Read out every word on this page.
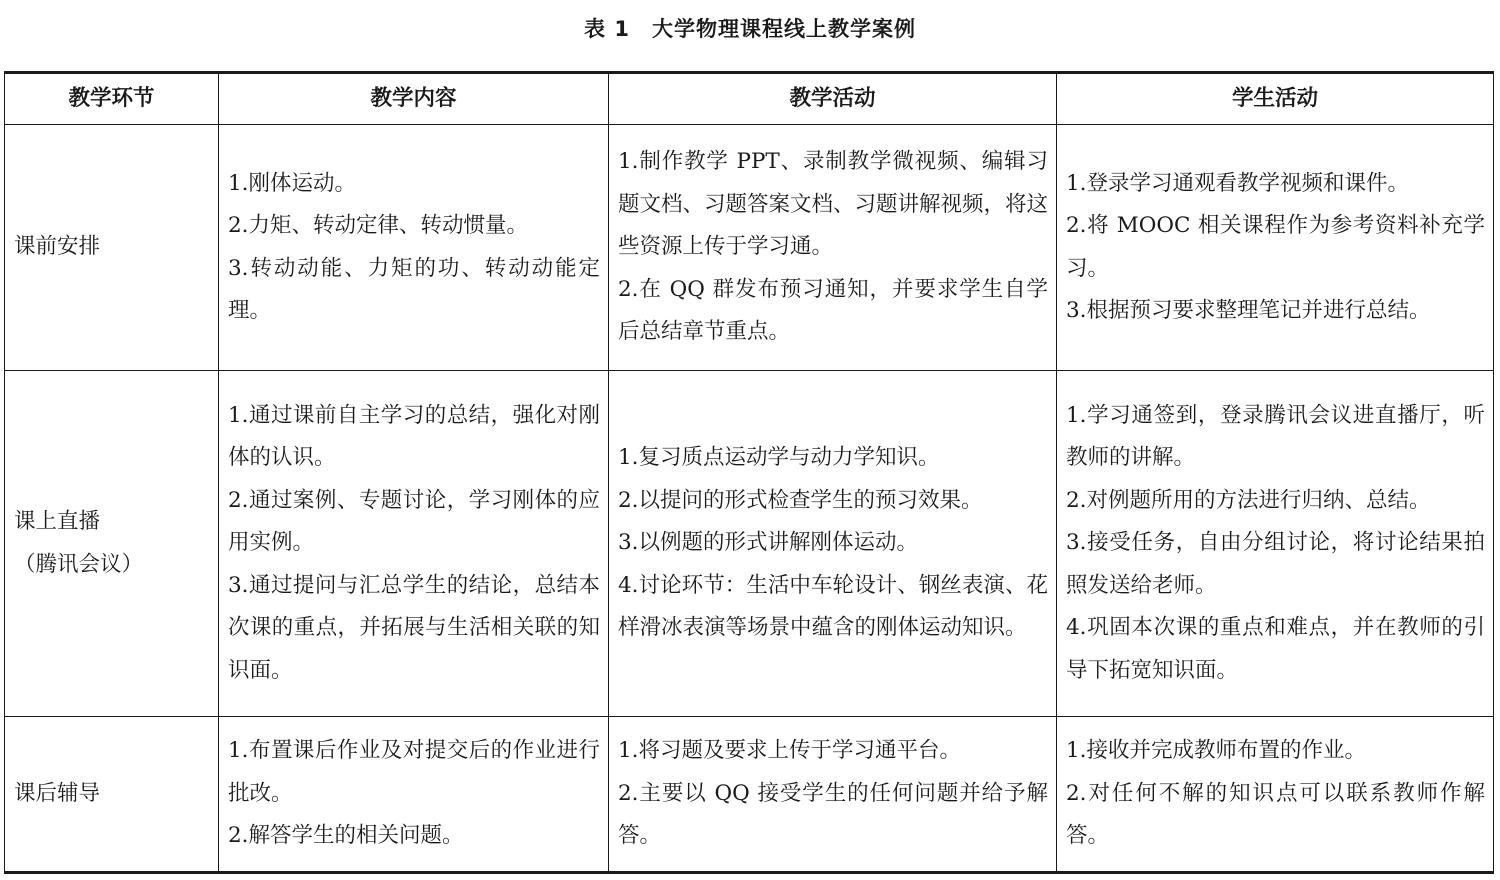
表 1 大学物理课程线上教学案例
教学环节	教学内容	教学活动	学生活动

课前安排	1.刚体运动。
2.力矩、转动定律、转动惯量。
3.转动动能、力矩的功、转动动能定理。	1.制作教学 PPT、录制教学微视频、编辑习题文档、习题答案文档、习题讲解视频，将这些资源上传于学习通。
2.在 QQ 群发布预习通知，并要求学生自学后总结章节重点。	1.登录学习通观看教学视频和课件。
2.将 MOOC 相关课程作为参考资料补充学习。
3.根据预习要求整理笔记并进行总结。

课上直播
（腾讯会议）	1.通过课前自主学习的总结，强化对刚体的认识。
2.通过案例、专题讨论，学习刚体的应用实例。
3.通过提问与汇总学生的结论，总结本次课的重点，并拓展与生活相关联的知识面。	1.复习质点运动学与动力学知识。
2.以提问的形式检查学生的预习效果。
3.以例题的形式讲解刚体运动。
4.讨论环节：生活中车轮设计、钢丝表演、花样滑冰表演等场景中蕴含的刚体运动知识。	1.学习通签到，登录腾讯会议进直播厅，听教师的讲解。
2.对例题所用的方法进行归纳、总结。
3.接受任务，自由分组讨论，将讨论结果拍照发送给老师。
4.巩固本次课的重点和难点，并在教师的引导下拓宽知识面。

课后辅导	1.布置课后作业及对提交后的作业进行批改。
2.解答学生的相关问题。	1.将习题及要求上传于学习通平台。
2.主要以 QQ 接受学生的任何问题并给予解答。	1.接收并完成教师布置的作业。
2.对任何不解的知识点可以联系教师作解答。
